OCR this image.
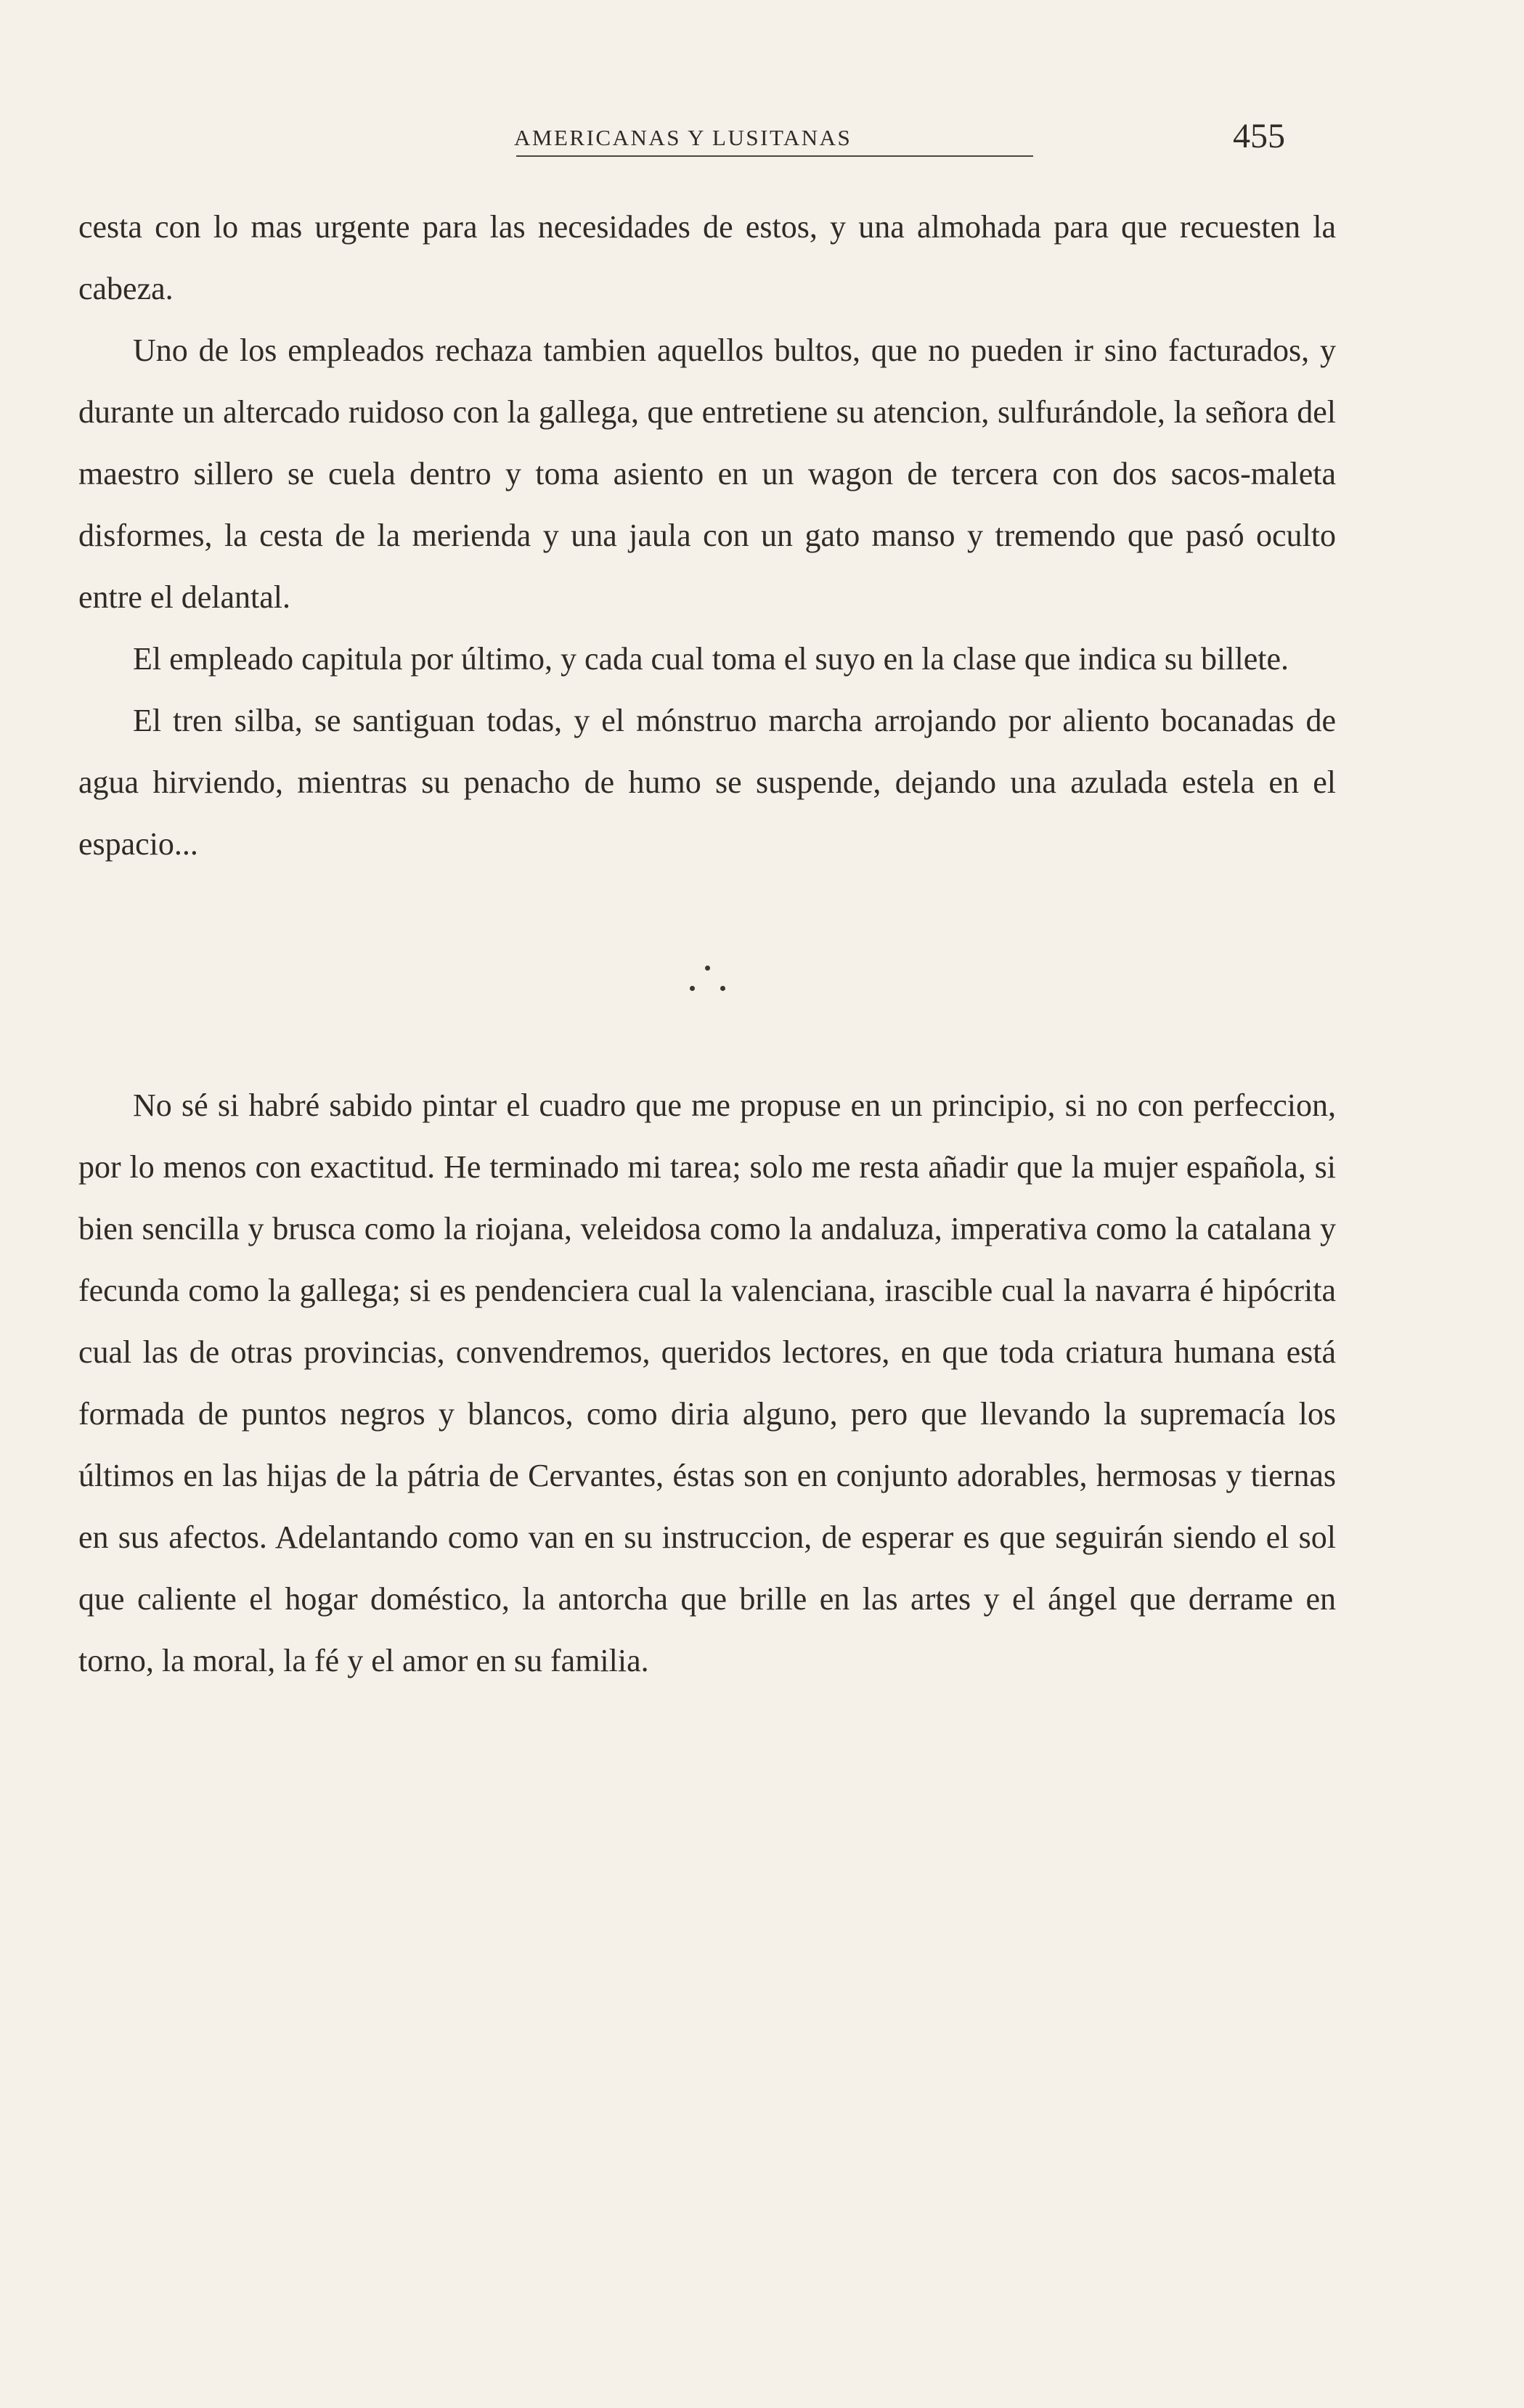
AMERICANAS Y LUSITANAS	455

cesta con lo mas urgente para las necesidades de estos, y una almohada para que recuesten la cabeza.

Uno de los empleados rechaza tambien aquellos bultos, que no pueden ir sino facturados, y durante un altercado ruidoso con la gallega, que entretiene su atencion, sulfurándole, la señora del maestro sillero se cuela dentro y toma asiento en un wagon de tercera con dos sacos-maleta disformes, la cesta de la merienda y una jaula con un gato manso y tremendo que pasó oculto entre el delantal.

El empleado capitula por último, y cada cual toma el suyo en la clase que indica su billete.

El tren silba, se santiguan todas, y el mónstruo marcha arrojando por aliento bocanadas de agua hirviendo, mientras su penacho de humo se suspende, dejando una azulada estela en el espacio...

No sé si habré sabido pintar el cuadro que me propuse en un principio, si no con perfeccion, por lo menos con exactitud. He terminado mi tarea; solo me resta añadir que la mujer española, si bien sencilla y brusca como la riojana, veleidosa como la andaluza, imperativa como la catalana y fecunda como la gallega; si es pendenciera cual la valenciana, irascible cual la navarra é hipócrita cual las de otras provincias, convendremos, queridos lectores, en que toda criatura humana está formada de puntos negros y blancos, como diria alguno, pero que llevando la supremacía los últimos en las hijas de la pátria de Cervantes, éstas son en conjunto adorables, hermosas y tiernas en sus afectos. Adelantando como van en su instruccion, de esperar es que seguirán siendo el sol que caliente el hogar doméstico, la antorcha que brille en las artes y el ángel que derrame en torno, la moral, la fé y el amor en su familia.
